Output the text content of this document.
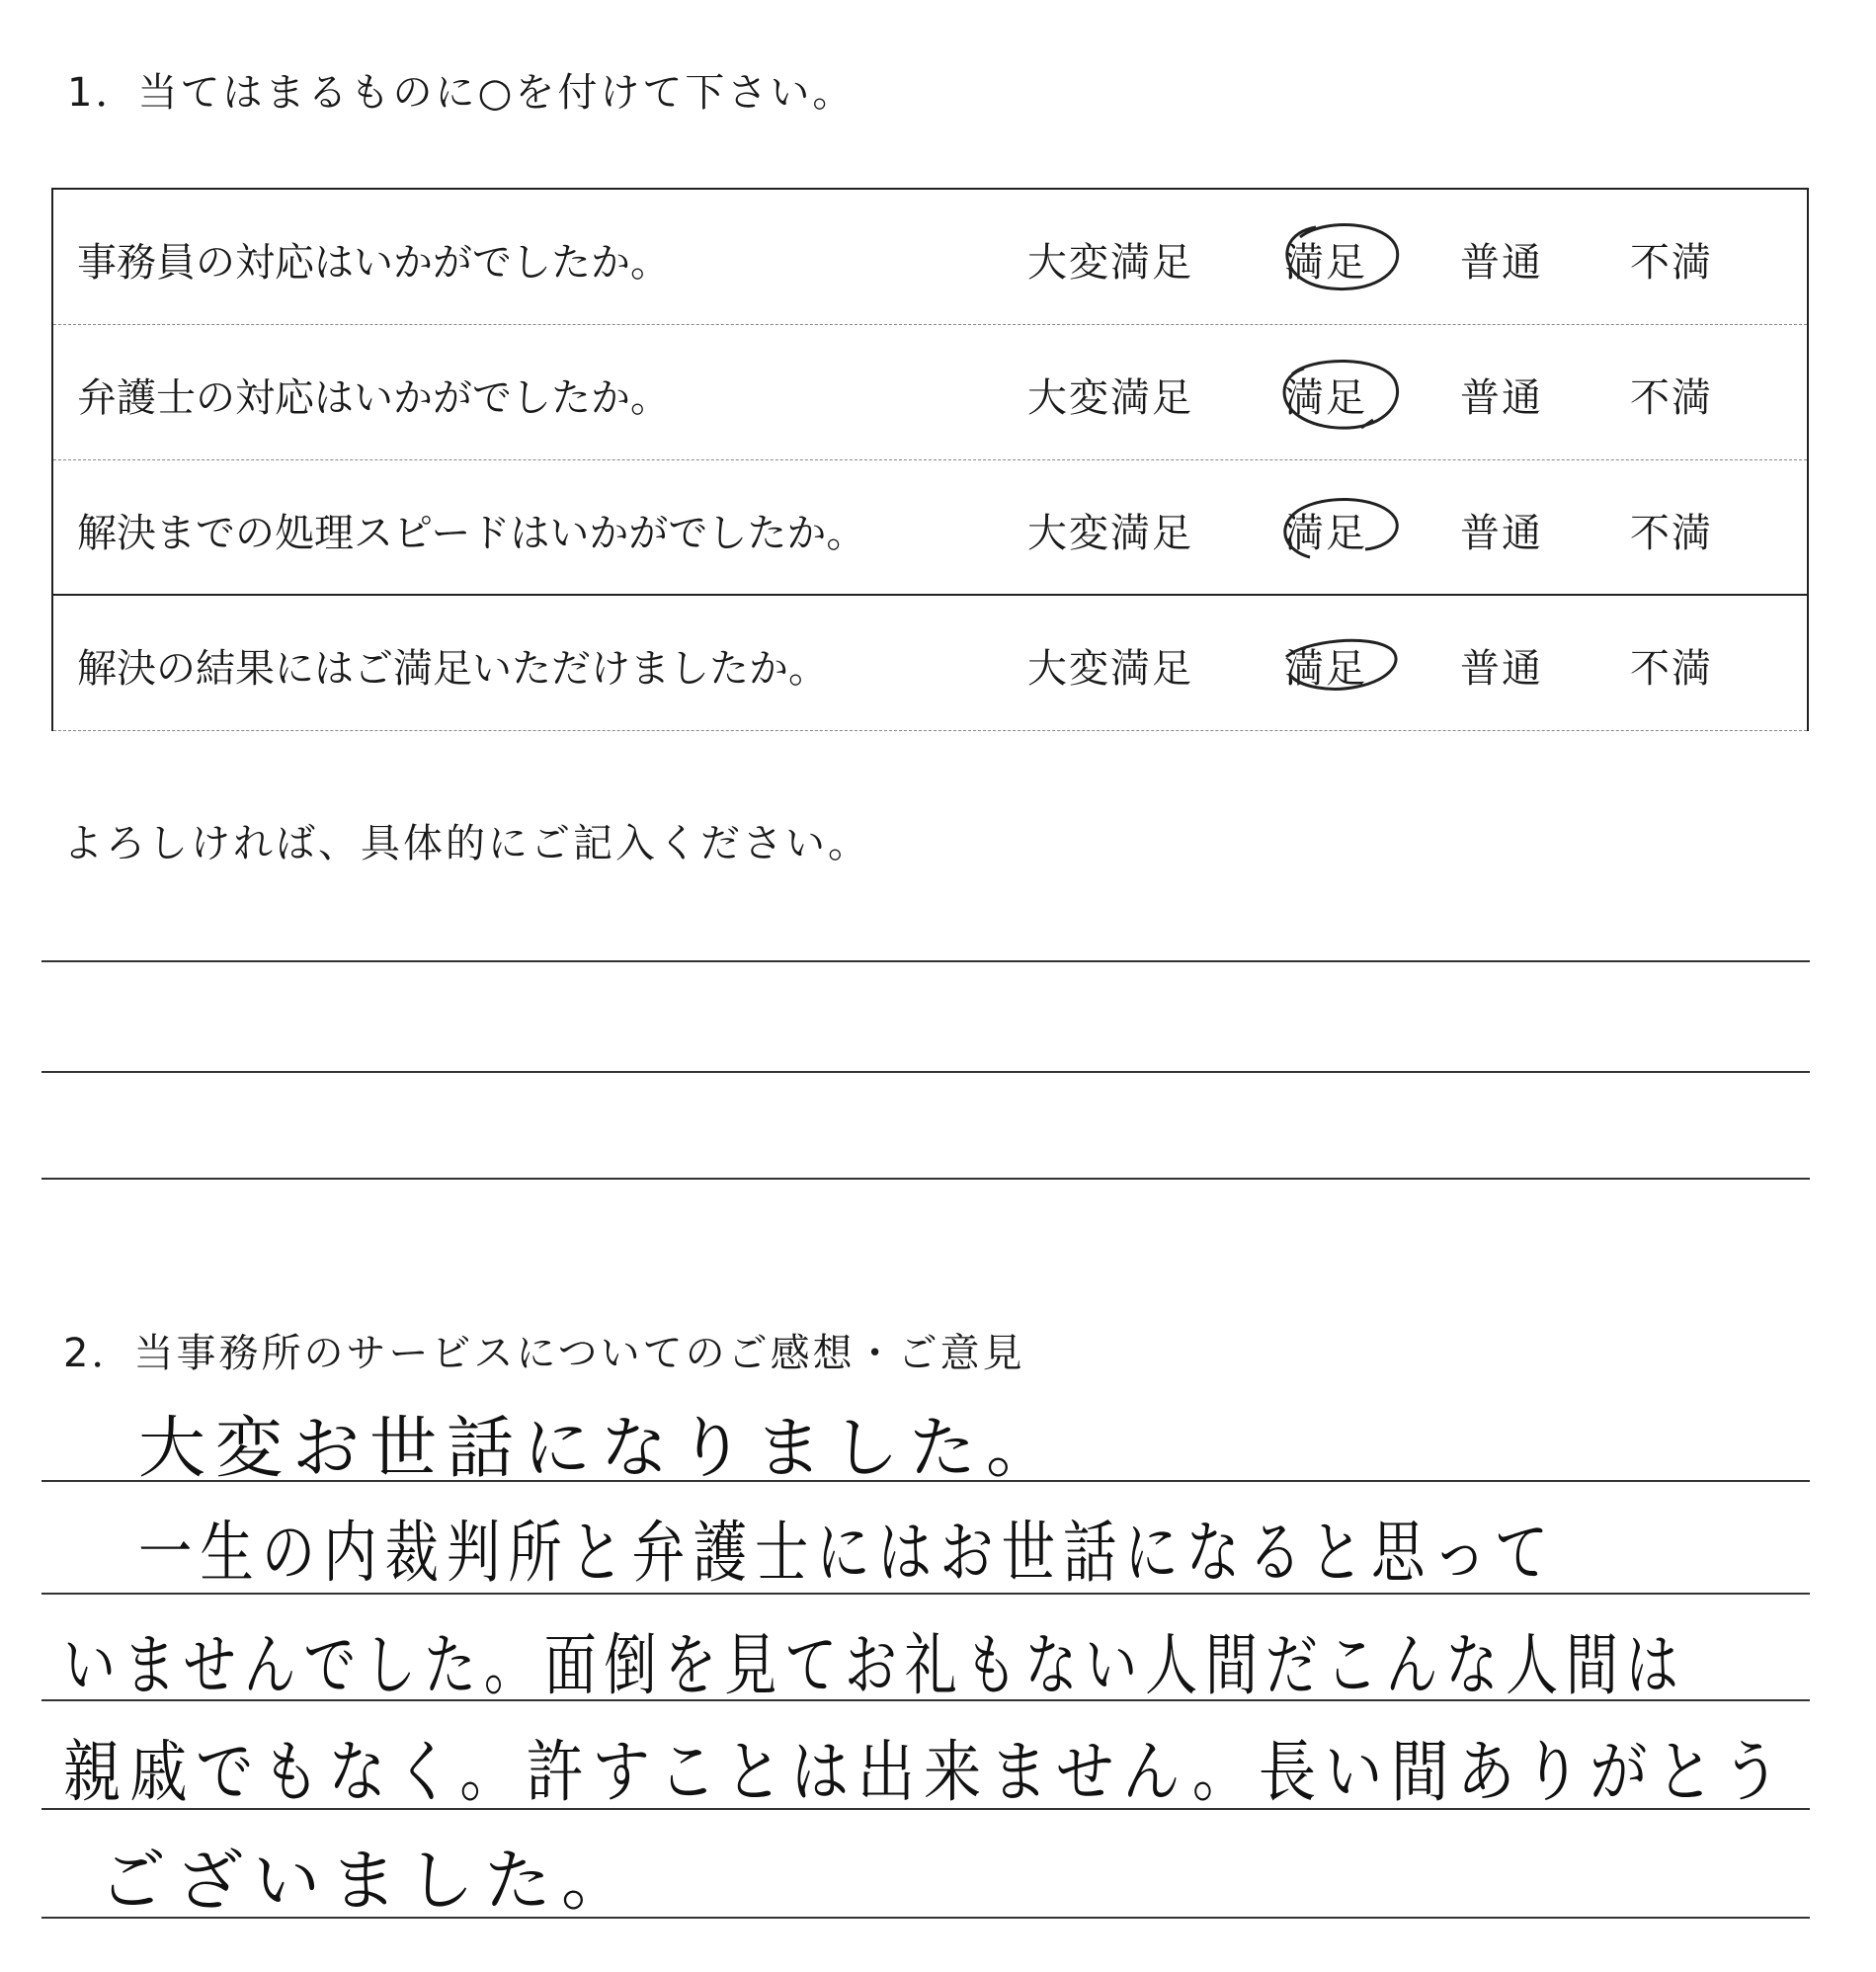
1．当てはまるものに○を付けて下さい。
事務員の対応はいかがでしたか。	大変満足 満足 普通 不満
弁護士の対応はいかがでしたか。	大変満足 満足 普通 不満
解決までの処理スピードはいかがでしたか。	大変満足 満足 普通 不満
解決の結果にはご満足いただけましたか。	大変満足 満足 普通 不満
よろしければ、具体的にご記入ください。
2．当事務所のサービスについてのご感想・ご意見
大変お世話になりました。
一生の内裁判所と弁護士にはお世話になると思って
いませんでした。面倒を見てお礼もない人間だこんな人間は
親戚でもなく。許すことは出来ません。長い間ありがとう
ございました。
